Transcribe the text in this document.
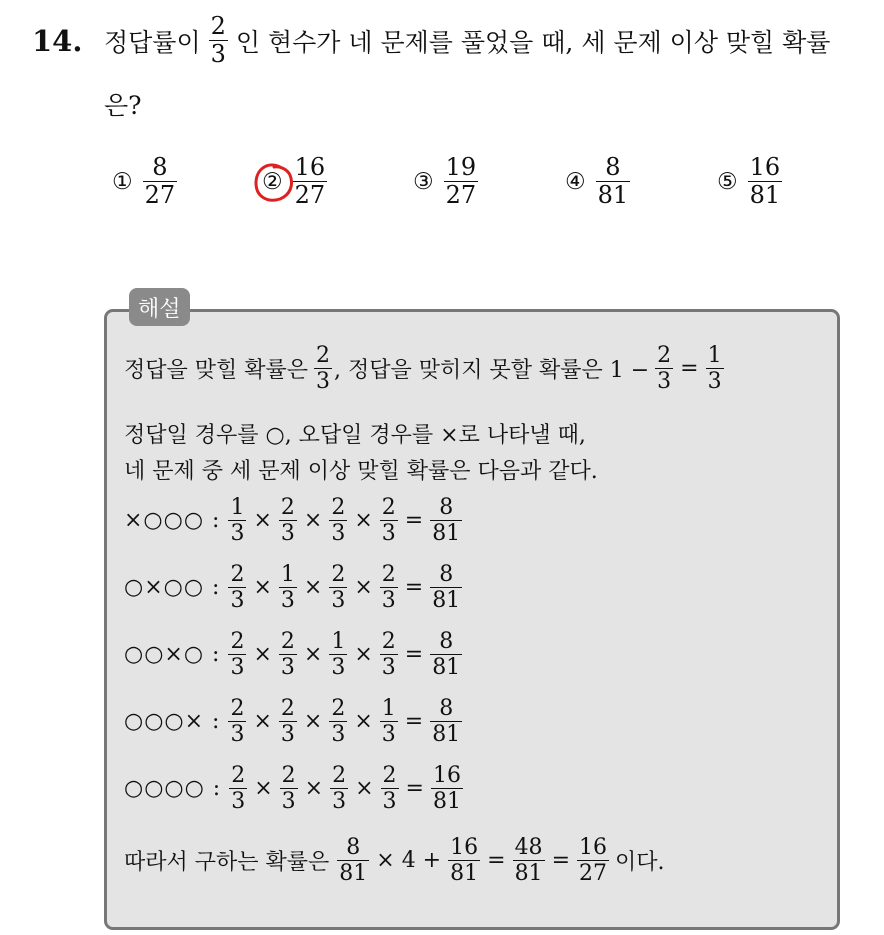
14. 정답률이 $\frac{2}{3}$ 인 현수가 네 문제를 풀었을 때, 세 문제 이상 맞힐 확률
은?
① $\frac{8}{27}$	② $\frac{16}{27}$	③ $\frac{19}{27}$	④ $\frac{8}{81}$	⑤ $\frac{16}{81}$
해설
정답을 맞힐 확률은 $\frac{2}{3}$ , 정답을 맞히지 못할 확률은 $1 - \frac{2}{3} = \frac{1}{3}$
정답일 경우를 ○, 오답일 경우를 ×로 나타낼 때,
네 문제 중 세 문제 이상 맞힐 확률은 다음과 같다.
×○○○ : $\frac{1}{3} \times \frac{2}{3} \times \frac{2}{3} \times \frac{2}{3} = \frac{8}{81}$
○×○○ : $\frac{2}{3} \times \frac{1}{3} \times \frac{2}{3} \times \frac{2}{3} = \frac{8}{81}$
○○×○ : $\frac{2}{3} \times \frac{2}{3} \times \frac{1}{3} \times \frac{2}{3} = \frac{8}{81}$
○○○× : $\frac{2}{3} \times \frac{2}{3} \times \frac{2}{3} \times \frac{1}{3} = \frac{8}{81}$
○○○○ : $\frac{2}{3} \times \frac{2}{3} \times \frac{2}{3} \times \frac{2}{3} = \frac{16}{81}$
따라서 구하는 확률은 $\frac{8}{81} \times 4 + \frac{16}{81} = \frac{48}{81} = \frac{16}{27}$ 이다.
